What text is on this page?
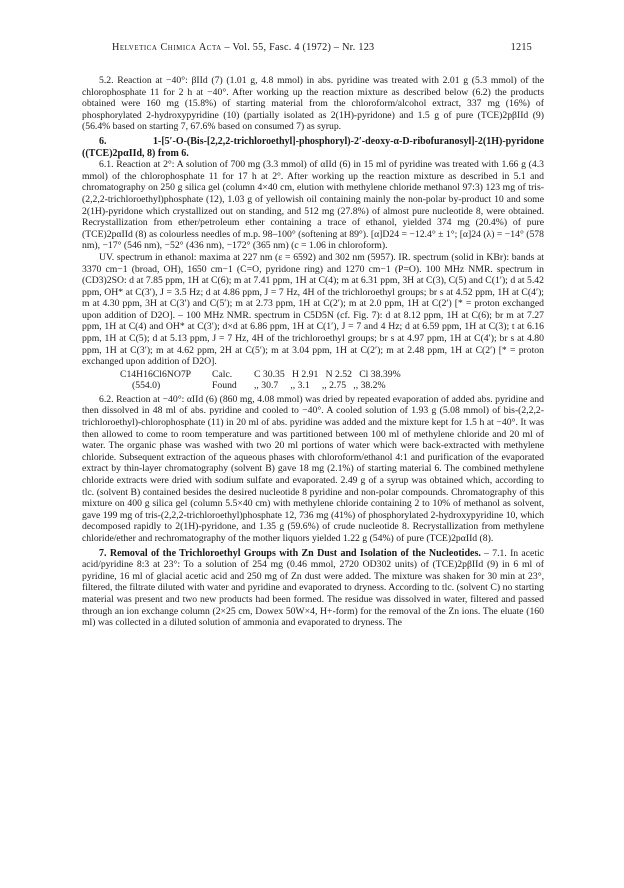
Helvetica Chimica Acta – Vol. 55, Fasc. 4 (1972) – Nr. 123	1215

5.2. Reaction at −40°: βIId (7) (1.01 g, 4.8 mmol) in abs. pyridine was treated with 2.01 g (5.3 mmol) of the chlorophosphate 11 for 2 h at −40°. After working up the reaction mixture as described below (6.2) the products obtained were 160 mg (15.8%) of starting material from the chloroform/alcohol extract, 337 mg (16%) of phosphorylated 2-hydroxypyridine (10) (partially isolated as 2(1H)-pyridone) and 1.5 g of pure (TCE)2pβIId (9) (56.4% based on starting 7, 67.6% based on consumed 7) as syrup.

6. 1-[5′-O-(Bis-[2,2,2-trichloroethyl]-phosphoryl)-2′-deoxy-α-D-ribofuranosyl]-2(1H)-pyridone ((TCE)2pαIId, 8) from 6.

6.1. Reaction at 2°: A solution of 700 mg (3.3 mmol) of αIId (6) in 15 ml of pyridine was treated with 1.66 g (4.3 mmol) of the chlorophosphate 11 for 17 h at 2°. After working up the reaction mixture as described in 5.1 and chromatography on 250 g silica gel (column 4×40 cm, elution with methylene chloride methanol 97:3) 123 mg of tris-(2,2,2-trichloroethyl)phosphate (12), 1.03 g of yellowish oil containing mainly the non-polar by-product 10 and some 2(1H)-pyridone which crystallized out on standing, and 512 mg (27.8%) of almost pure nucleotide 8, were obtained. Recrystallization from ether/petroleum ether containing a trace of ethanol, yielded 374 mg (20.4%) of pure (TCE)2pαIId (8) as colourless needles of m.p. 98–100° (softening at 89°). [α]D24 = −12.4° ± 1°; [α]24 (λ) = −14° (578 nm), −17° (546 nm), −52° (436 nm), −172° (365 nm) (c = 1.06 in chloroform).

UV. spectrum in ethanol: maxima at 227 nm (ε = 6592) and 302 nm (5957). IR. spectrum (solid in KBr): bands at 3370 cm−1 (broad, OH), 1650 cm−1 (C=O, pyridone ring) and 1270 cm−1 (P=O). 100 MHz NMR. spectrum in (CD3)2SO: d at 7.85 ppm, 1H at C(6); m at 7.41 ppm, 1H at C(4); m at 6.31 ppm, 3H at C(3), C(5) and C(1′); d at 5.42 ppm, OH* at C(3′), J = 3.5 Hz; d at 4.86 ppm, J = 7 Hz, 4H of the trichloroethyl groups; br s at 4.52 ppm, 1H at C(4′); m at 4.30 ppm, 3H at C(3′) and C(5′); m at 2.73 ppm, 1H at C(2′); m at 2.0 ppm, 1H at C(2′) [* = proton exchanged upon addition of D2O]. – 100 MHz NMR. spectrum in C5D5N (cf. Fig. 7): d at 8.12 ppm, 1H at C(6); br m at 7.27 ppm, 1H at C(4) and OH* at C(3′); d×d at 6.86 ppm, 1H at C(1′), J = 7 and 4 Hz; d at 6.59 ppm, 1H at C(3); t at 6.16 ppm, 1H at C(5); d at 5.13 ppm, J = 7 Hz, 4H of the trichloroethyl groups; br s at 4.97 ppm, 1H at C(4′); br s at 4.80 ppm, 1H at C(3′); m at 4.62 ppm, 2H at C(5′); m at 3.04 ppm, 1H at C(2′); m at 2.48 ppm, 1H at C(2′) [* = proton exchanged upon addition of D2O].

C14H16Cl6NO7P
(554.0)
Calc.
Found
C 30.35   H 2.91   N 2.52   Cl 38.39%
,, 30.7     ,, 3.1     ,, 2.75   ,, 38.2%

6.2. Reaction at −40°: αIId (6) (860 mg, 4.08 mmol) was dried by repeated evaporation of added abs. pyridine and then dissolved in 48 ml of abs. pyridine and cooled to −40°. A cooled solution of 1.93 g (5.08 mmol) of bis-(2,2,2-trichloroethyl)-chlorophosphate (11) in 20 ml of abs. pyridine was added and the mixture kept for 1.5 h at −40°. It was then allowed to come to room temperature and was partitioned between 100 ml of methylene chloride and 20 ml of water. The organic phase was washed with two 20 ml portions of water which were back-extracted with methylene chloride. Subsequent extraction of the aqueous phases with chloroform/ethanol 4:1 and purification of the evaporated extract by thin-layer chromatography (solvent B) gave 18 mg (2.1%) of starting material 6. The combined methylene chloride extracts were dried with sodium sulfate and evaporated. 2.49 g of a syrup was obtained which, according to tlc. (solvent B) contained besides the desired nucleotide 8 pyridine and non-polar compounds. Chromatography of this mixture on 400 g silica gel (column 5.5×40 cm) with methylene chloride containing 2 to 10% of methanol as solvent, gave 199 mg of tris-(2,2,2-trichloroethyl)phosphate 12, 736 mg (41%) of phosphorylated 2-hydroxypyridine 10, which decomposed rapidly to 2(1H)-pyridone, and 1.35 g (59.6%) of crude nucleotide 8. Recrystallization from methylene chloride/ether and rechromatography of the mother liquors yielded 1.22 g (54%) of pure (TCE)2pαIId (8).

7. Removal of the Trichloroethyl Groups with Zn Dust and Isolation of the Nucleotides. – 7.1. In acetic acid/pyridine 8:3 at 23°: To a solution of 254 mg (0.46 mmol, 2720 OD302 units) of (TCE)2pβIId (9) in 6 ml of pyridine, 16 ml of glacial acetic acid and 250 mg of Zn dust were added. The mixture was shaken for 30 min at 23°, filtered, the filtrate diluted with water and pyridine and evaporated to dryness. According to tlc. (solvent C) no starting material was present and two new products had been formed. The residue was dissolved in water, filtered and passed through an ion exchange column (2×25 cm, Dowex 50W×4, H+-form) for the removal of the Zn ions. The eluate (160 ml) was collected in a diluted solution of ammonia and evaporated to dryness. The
